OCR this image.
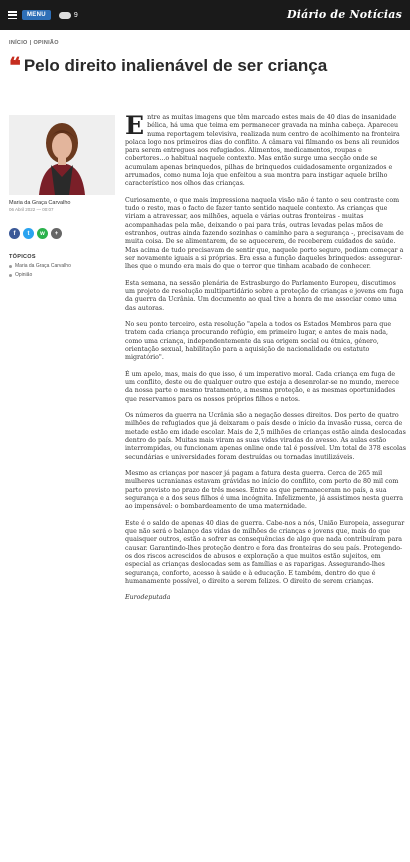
MENU	9	Diário de Notícias
INÍCIO | OPINIÃO
❝ Pelo direito inalienável de ser criança
Maria da Graça Carvalho
06 Abril 2022 — 00:07
f	t	w	+
TÓPICOS
Maria da Graça Carvalho
Opinião

Entre as muitas imagens que têm marcado estes mais de 40 dias de insanidade bélica, há uma que teima em permanecer gravada na minha cabeça. Apareceu numa reportagem televisiva, realizada num centro de acolhimento na fronteira polaca logo nos primeiros dias do conflito. A câmara vai filmando os bens ali reunidos para serem entregues aos refugiados. Alimentos, medicamentos, roupas e cobertores...o habitual naquele contexto. Mas então surge uma secção onde se acumulam apenas brinquedos, pilhas de brinquedos cuidadosamente organizados e arrumados, como numa loja que enfeitou a sua montra para instigar aquele brilho característico nos olhos das crianças.

Curiosamente, o que mais impressiona naquela visão não é tanto o seu contraste com tudo o resto, mas o facto de fazer tanto sentido naquele contexto. As crianças que viriam a atravessar, aos milhões, aquela e várias outras fronteiras - muitas acompanhadas pela mãe, deixando o pai para trás, outras levadas pelas mãos de estranhos, outras ainda fazendo sozinhas o caminho para a segurança -, precisavam de muita coisa. De se alimentarem, de se aquecerem, de receberem cuidados de saúde. Mas acima de tudo precisavam de sentir que, naquele porto seguro, podiam começar a ser novamente iguais a si próprias. Era essa a função daqueles brinquedos: assegurar-lhes que o mundo era mais do que o terror que tinham acabado de conhecer.

Esta semana, na sessão plenária de Estrasburgo do Parlamento Europeu, discutimos um projeto de resolução multipartidário sobre a proteção de crianças e jovens em fuga da guerra da Ucrânia. Um documento ao qual tive a honra de me associar como uma das autoras.

No seu ponto terceiro, esta resolução "apela a todos os Estados Membros para que tratem cada criança procurando refúgio, em primeiro lugar, e antes de mais nada, como uma criança, independentemente da sua origem social ou étnica, género, orientação sexual, habilitação para a aquisição de nacionalidade ou estatuto migratório".

É um apelo, mas, mais do que isso, é um imperativo moral. Cada criança em fuga de um conflito, deste ou de qualquer outro que esteja a desenrolar-se no mundo, merece da nossa parte o mesmo tratamento, a mesma proteção, e as mesmas oportunidades que reservamos para os nossos próprios filhos e netos.

Os números da guerra na Ucrânia são a negação desses direitos. Dos perto de quatro milhões de refugiados que já deixaram o país desde o início da invasão russa, cerca de metade estão em idade escolar. Mais de 2,5 milhões de crianças estão ainda deslocadas dentro do país. Muitas mais viram as suas vidas viradas do avesso. As aulas estão interrompidas, ou funcionam apenas online onde tal é possível. Um total de 378 escolas secundárias e universidades foram destruídas ou tornadas inutilizáveis.

Mesmo as crianças por nascer já pagam a fatura desta guerra. Cerca de 265 mil mulheres ucranianas estavam grávidas no início do conflito, com perto de 80 mil com parto previsto no prazo de três meses. Entre as que permaneceram no país, a sua segurança e a dos seus filhos é uma incógnita. Infelizmente, já assistimos nesta guerra ao impensável: o bombardeamento de uma maternidade.

Este é o saldo de apenas 40 dias de guerra. Cabe-nos a nós, União Europeia, assegurar que não será o balanço das vidas de milhões de crianças e jovens que, mais do que quaisquer outros, estão a sofrer as consequências de algo que nada contribuíram para causar. Garantindo-lhes proteção dentro e fora das fronteiras do seu país. Protegendo-os dos riscos acrescidos de abusos e exploração a que muitos estão sujeitos, em especial as crianças deslocadas sem as famílias e as raparigas. Assegurando-lhes segurança, conforto, acesso à saúde e à educação. E também, dentro do que é humanamente possível, o direito a serem felizes. O direito de serem crianças.

Eurodeputada
